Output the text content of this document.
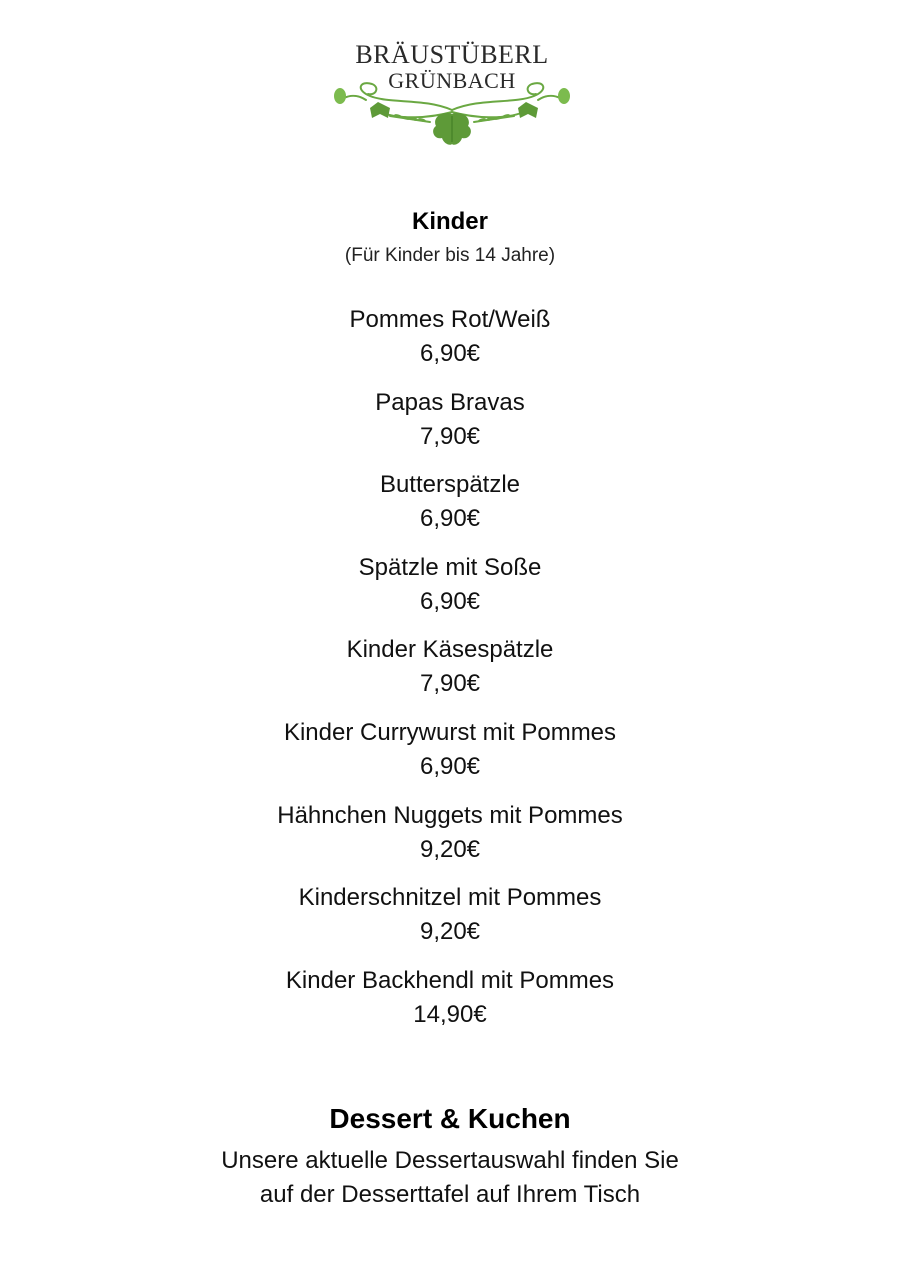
BRÄUSTÜBERL
GRÜNBACH
Kinder
(Für Kinder bis 14 Jahre)
Pommes Rot/Weiß
6,90€
Papas Bravas
7,90€
Butterspätzle
6,90€
Spätzle mit Soße
6,90€
Kinder Käsespätzle
7,90€
Kinder Currywurst mit Pommes
6,90€
Hähnchen Nuggets mit Pommes
9,20€
Kinderschnitzel mit Pommes
9,20€
Kinder Backhendl mit Pommes
14,90€
Dessert & Kuchen
Unsere aktuelle Dessertauswahl finden Sie
auf der Desserttafel auf Ihrem Tisch
